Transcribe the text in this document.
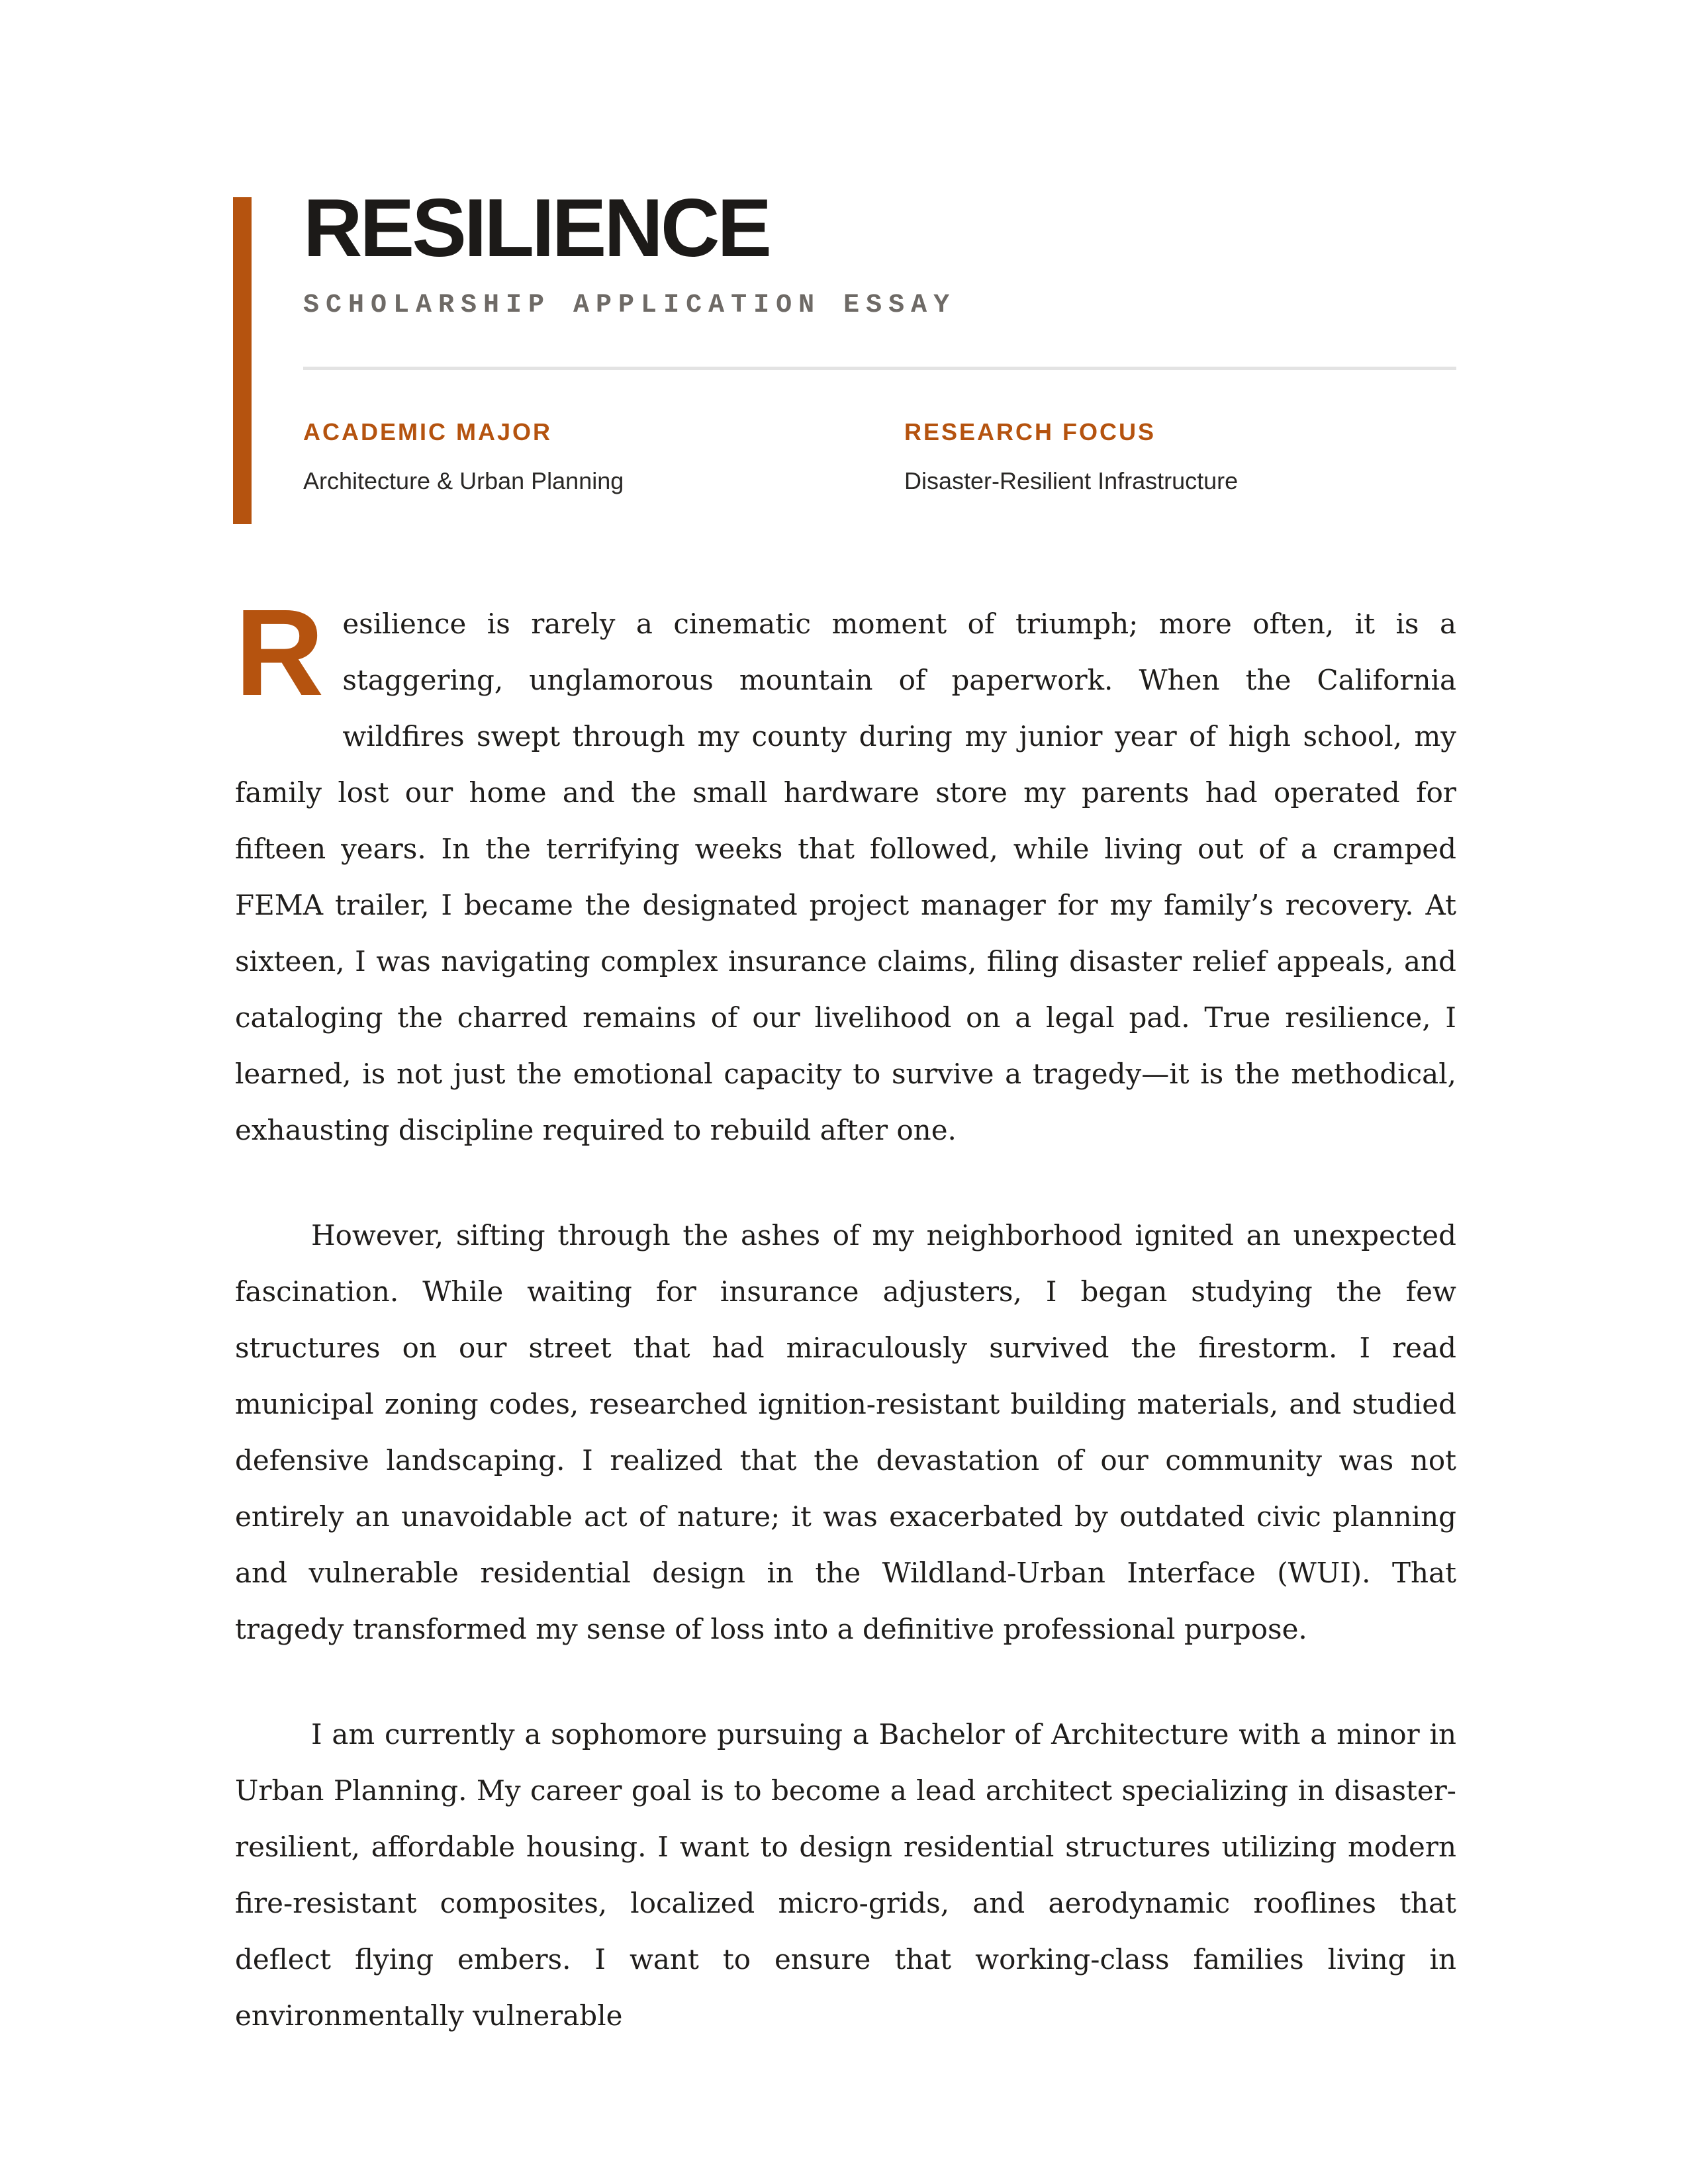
RESILIENCE
SCHOLARSHIP APPLICATION ESSAY
ACADEMIC MAJOR
Architecture & Urban Planning
RESEARCH FOCUS
Disaster-Resilient Infrastructure

Resilience is rarely a cinematic moment of triumph; more often, it is a staggering, unglamorous mountain of paperwork. When the California wildfires swept through my county during my junior year of high school, my family lost our home and the small hardware store my parents had operated for fifteen years. In the terrifying weeks that followed, while living out of a cramped FEMA trailer, I became the designated project manager for my family’s recovery. At sixteen, I was navigating complex insurance claims, filing disaster relief appeals, and cataloging the charred remains of our livelihood on a legal pad. True resilience, I learned, is not just the emotional capacity to survive a tragedy—it is the methodical, exhausting discipline required to rebuild after one.

However, sifting through the ashes of my neighborhood ignited an unexpected fascination. While waiting for insurance adjusters, I began studying the few structures on our street that had miraculously survived the firestorm. I read municipal zoning codes, researched ignition-resistant building materials, and studied defensive landscaping. I realized that the devastation of our community was not entirely an unavoidable act of nature; it was exacerbated by outdated civic planning and vulnerable residential design in the Wildland-Urban Interface (WUI). That tragedy transformed my sense of loss into a definitive professional purpose.

I am currently a sophomore pursuing a Bachelor of Architecture with a minor in Urban Planning. My career goal is to become a lead architect specializing in disaster-resilient, affordable housing. I want to design residential structures utilizing modern fire-resistant composites, localized micro-grids, and aerodynamic rooflines that deflect flying embers. I want to ensure that working-class families living in environmentally vulnerable
